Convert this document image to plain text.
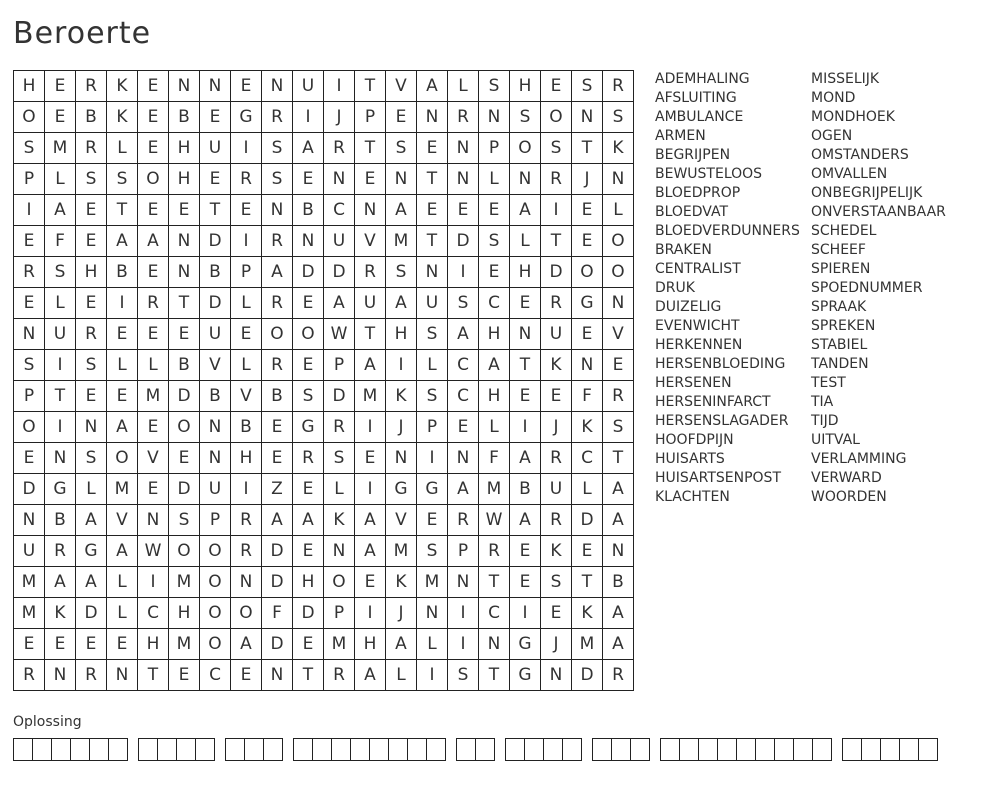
Beroerte
H	E	R	K	E	N	N	E	N	U	I	T	V	A	L	S	H	E	S	R
O	E	B	K	E	B	E	G	R	I	J	P	E	N	R	N	S	O	N	S
S	M	R	L	E	H	U	I	S	A	R	T	S	E	N	P	O	S	T	K
P	L	S	S	O	H	E	R	S	E	N	E	N	T	N	L	N	R	J	N
I	A	E	T	E	E	T	E	N	B	C	N	A	E	E	E	A	I	E	L
E	F	E	A	A	N	D	I	R	N	U	V	M	T	D	S	L	T	E	O
R	S	H	B	E	N	B	P	A	D	D	R	S	N	I	E	H	D	O	O
E	L	E	I	R	T	D	L	R	E	A	U	A	U	S	C	E	R	G	N
N	U	R	E	E	E	U	E	O	O	W	T	H	S	A	H	N	U	E	V
S	I	S	L	L	B	V	L	R	E	P	A	I	L	C	A	T	K	N	E
P	T	E	E	M	D	B	V	B	S	D	M	K	S	C	H	E	E	F	R
O	I	N	A	E	O	N	B	E	G	R	I	J	P	E	L	I	J	K	S
E	N	S	O	V	E	N	H	E	R	S	E	N	I	N	F	A	R	C	T
D	G	L	M	E	D	U	I	Z	E	L	I	G	G	A	M	B	U	L	A
N	B	A	V	N	S	P	R	A	A	K	A	V	E	R	W	A	R	D	A
U	R	G	A	W	O	O	R	D	E	N	A	M	S	P	R	E	K	E	N
M	A	A	L	I	M	O	N	D	H	O	E	K	M	N	T	E	S	T	B
M	K	D	L	C	H	O	O	F	D	P	I	J	N	I	C	I	E	K	A
E	E	E	E	H	M	O	A	D	E	M	H	A	L	I	N	G	J	M	A
R	N	R	N	T	E	C	E	N	T	R	A	L	I	S	T	G	N	D	R
ADEMHALING
AFSLUITING
AMBULANCE
ARMEN
BEGRIJPEN
BEWUSTELOOS
BLOEDPROP
BLOEDVAT
BLOEDVERDUNNERS
BRAKEN
CENTRALIST
DRUK
DUIZELIG
EVENWICHT
HERKENNEN
HERSENBLOEDING
HERSENEN
HERSENINFARCT
HERSENSLAGADER
HOOFDPIJN
HUISARTS
HUISARTSENPOST
KLACHTEN
MISSELIJK
MOND
MONDHOEK
OGEN
OMSTANDERS
OMVALLEN
ONBEGRIJPELIJK
ONVERSTAANBAAR
SCHEDEL
SCHEEF
SPIEREN
SPOEDNUMMER
SPRAAK
SPREKEN
STABIEL
TANDEN
TEST
TIA
TIJD
UITVAL
VERLAMMING
VERWARD
WOORDEN
Oplossing
